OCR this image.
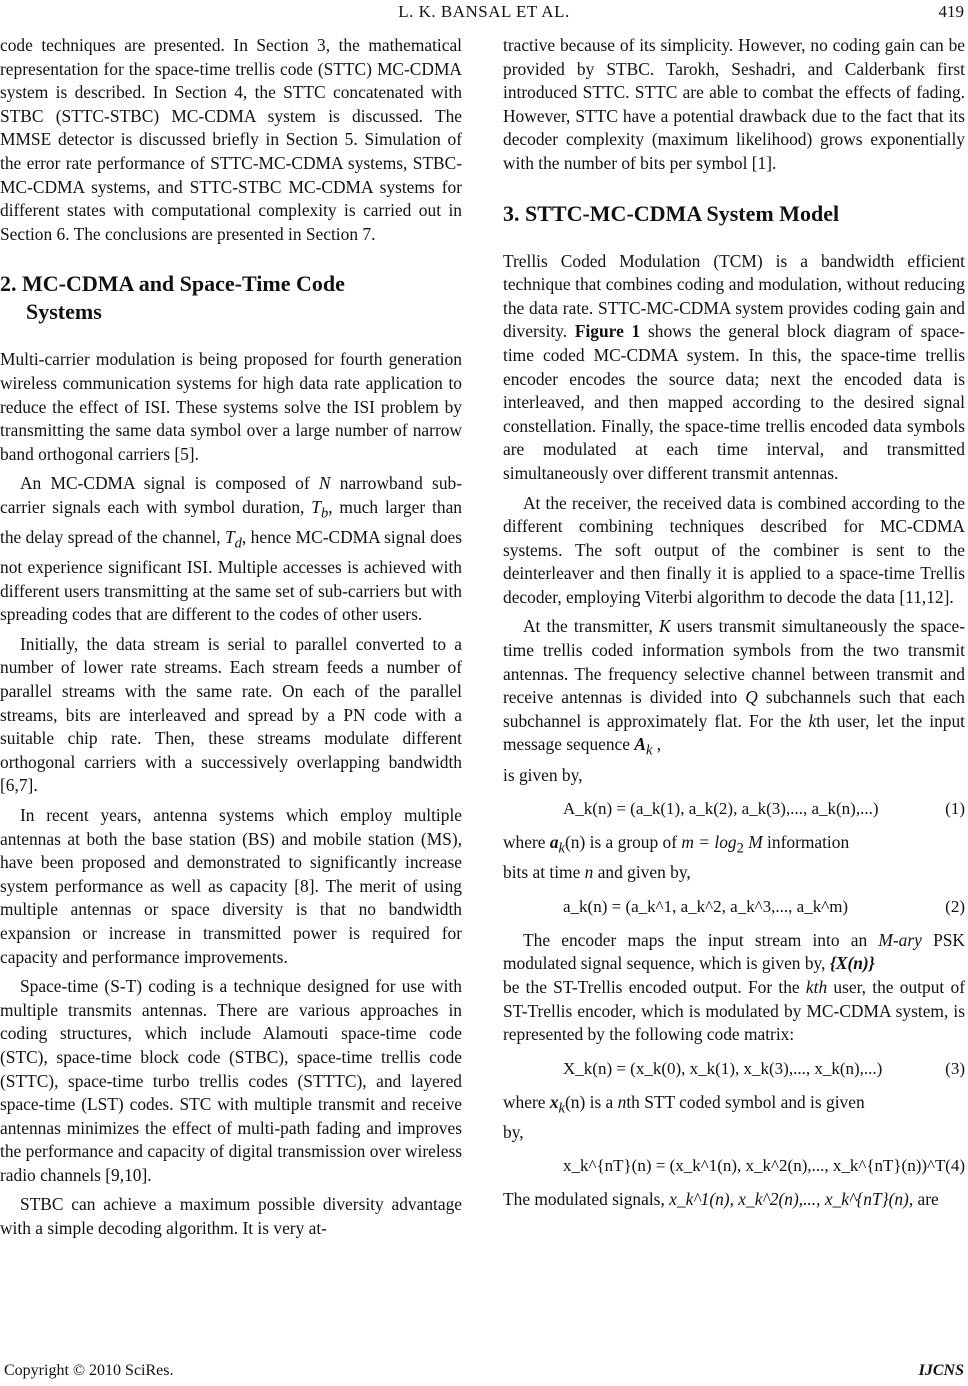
L. K. BANSAL ET AL.	419

code techniques are presented. In Section 3, the mathematical representation for the space-time trellis code (STTC) MC-CDMA system is described. In Section 4, the STTC concatenated with STBC (STTC-STBC) MC-CDMA system is discussed. The MMSE detector is discussed briefly in Section 5. Simulation of the error rate performance of STTC-MC-CDMA systems, STBC- MC-CDMA systems, and STTC-STBC MC-CDMA systems for different states with computational complexity is carried out in Section 6. The conclusions are presented in Section 7.

2. MC-CDMA and Space-Time Code
Systems

Multi-carrier modulation is being proposed for fourth generation wireless communication systems for high data rate application to reduce the effect of ISI. These systems solve the ISI problem by transmitting the same data symbol over a large number of narrow band orthogonal carriers [5].

An MC-CDMA signal is composed of N narrowband sub-carrier signals each with symbol duration, $T_b$, much larger than the delay spread of the channel, $T_d$, hence MC-CDMA signal does not experience significant ISI. Multiple accesses is achieved with different users transmitting at the same set of sub-carriers but with spreading codes that are different to the codes of other users.

Initially, the data stream is serial to parallel converted to a number of lower rate streams. Each stream feeds a number of parallel streams with the same rate. On each of the parallel streams, bits are interleaved and spread by a PN code with a suitable chip rate. Then, these streams modulate different orthogonal carriers with a successively overlapping bandwidth [6,7].

In recent years, antenna systems which employ multiple antennas at both the base station (BS) and mobile station (MS), have been proposed and demonstrated to significantly increase system performance as well as capacity [8]. The merit of using multiple antennas or space diversity is that no bandwidth expansion or increase in transmitted power is required for capacity and performance improvements.

Space-time (S-T) coding is a technique designed for use with multiple transmits antennas. There are various approaches in coding structures, which include Alamouti space-time code (STC), space-time block code (STBC), space-time trellis code (STTC), space-time turbo trellis codes (STTTC), and layered space-time (LST) codes. STC with multiple transmit and receive antennas minimizes the effect of multi-path fading and improves the performance and capacity of digital transmission over wireless radio channels [9,10].

STBC can achieve a maximum possible diversity advantage with a simple decoding algorithm. It is very at-

tractive because of its simplicity. However, no coding gain can be provided by STBC. Tarokh, Seshadri, and Calderbank first introduced STTC. STTC are able to combat the effects of fading. However, STTC have a potential drawback due to the fact that its decoder complexity (maximum likelihood) grows exponentially with the number of bits per symbol [1].

3. STTC-MC-CDMA System Model

Trellis Coded Modulation (TCM) is a bandwidth efficient technique that combines coding and modulation, without reducing the data rate. STTC-MC-CDMA system provides coding gain and diversity. Figure 1 shows the general block diagram of space-time coded MC-CDMA system. In this, the space-time trellis encoder encodes the source data; next the encoded data is interleaved, and then mapped according to the desired signal constellation. Finally, the space-time trellis encoded data symbols are modulated at each time interval, and transmitted simultaneously over different transmit antennas.

At the receiver, the received data is combined according to the different combining techniques described for MC-CDMA systems. The soft output of the combiner is sent to the deinterleaver and then finally it is applied to a space-time Trellis decoder, employing Viterbi algorithm to decode the data [11,12].

At the transmitter, K users transmit simultaneously the space-time trellis coded information symbols from the two transmit antennas. The frequency selective channel between transmit and receive antennas is divided into Q subchannels such that each subchannel is approximately flat. For the kth user, let the input message sequence $A_k$ ,
is given by,

A_k(n) = (a_k(1), a_k(2), a_k(3),..., a_k(n),...)	(1)

where $a_k(n)$ is a group of $m = \log_2 M$ information
bits at time n and given by,

a_k(n) = (a_k^1, a_k^2, a_k^3,..., a_k^m)	(2)

The encoder maps the input stream into an M-ary PSK modulated signal sequence, which is given by, {X(n)}
be the ST-Trellis encoded output. For the kth user, the output of ST-Trellis encoder, which is modulated by MC-CDMA system, is represented by the following code matrix:

X_k(n) = (x_k(0), x_k(1), x_k(3),..., x_k(n),...)	(3)

where $x_k(n)$ is a nth STT coded symbol and is given
by,

x_k^{nT}(n) = (x_k^1(n), x_k^2(n),..., x_k^{nT}(n))^T (4)

The modulated signals, x_k^1(n), x_k^2(n),..., x_k^{nT}(n), are

Copyright © 2010 SciRes.	IJCNS
